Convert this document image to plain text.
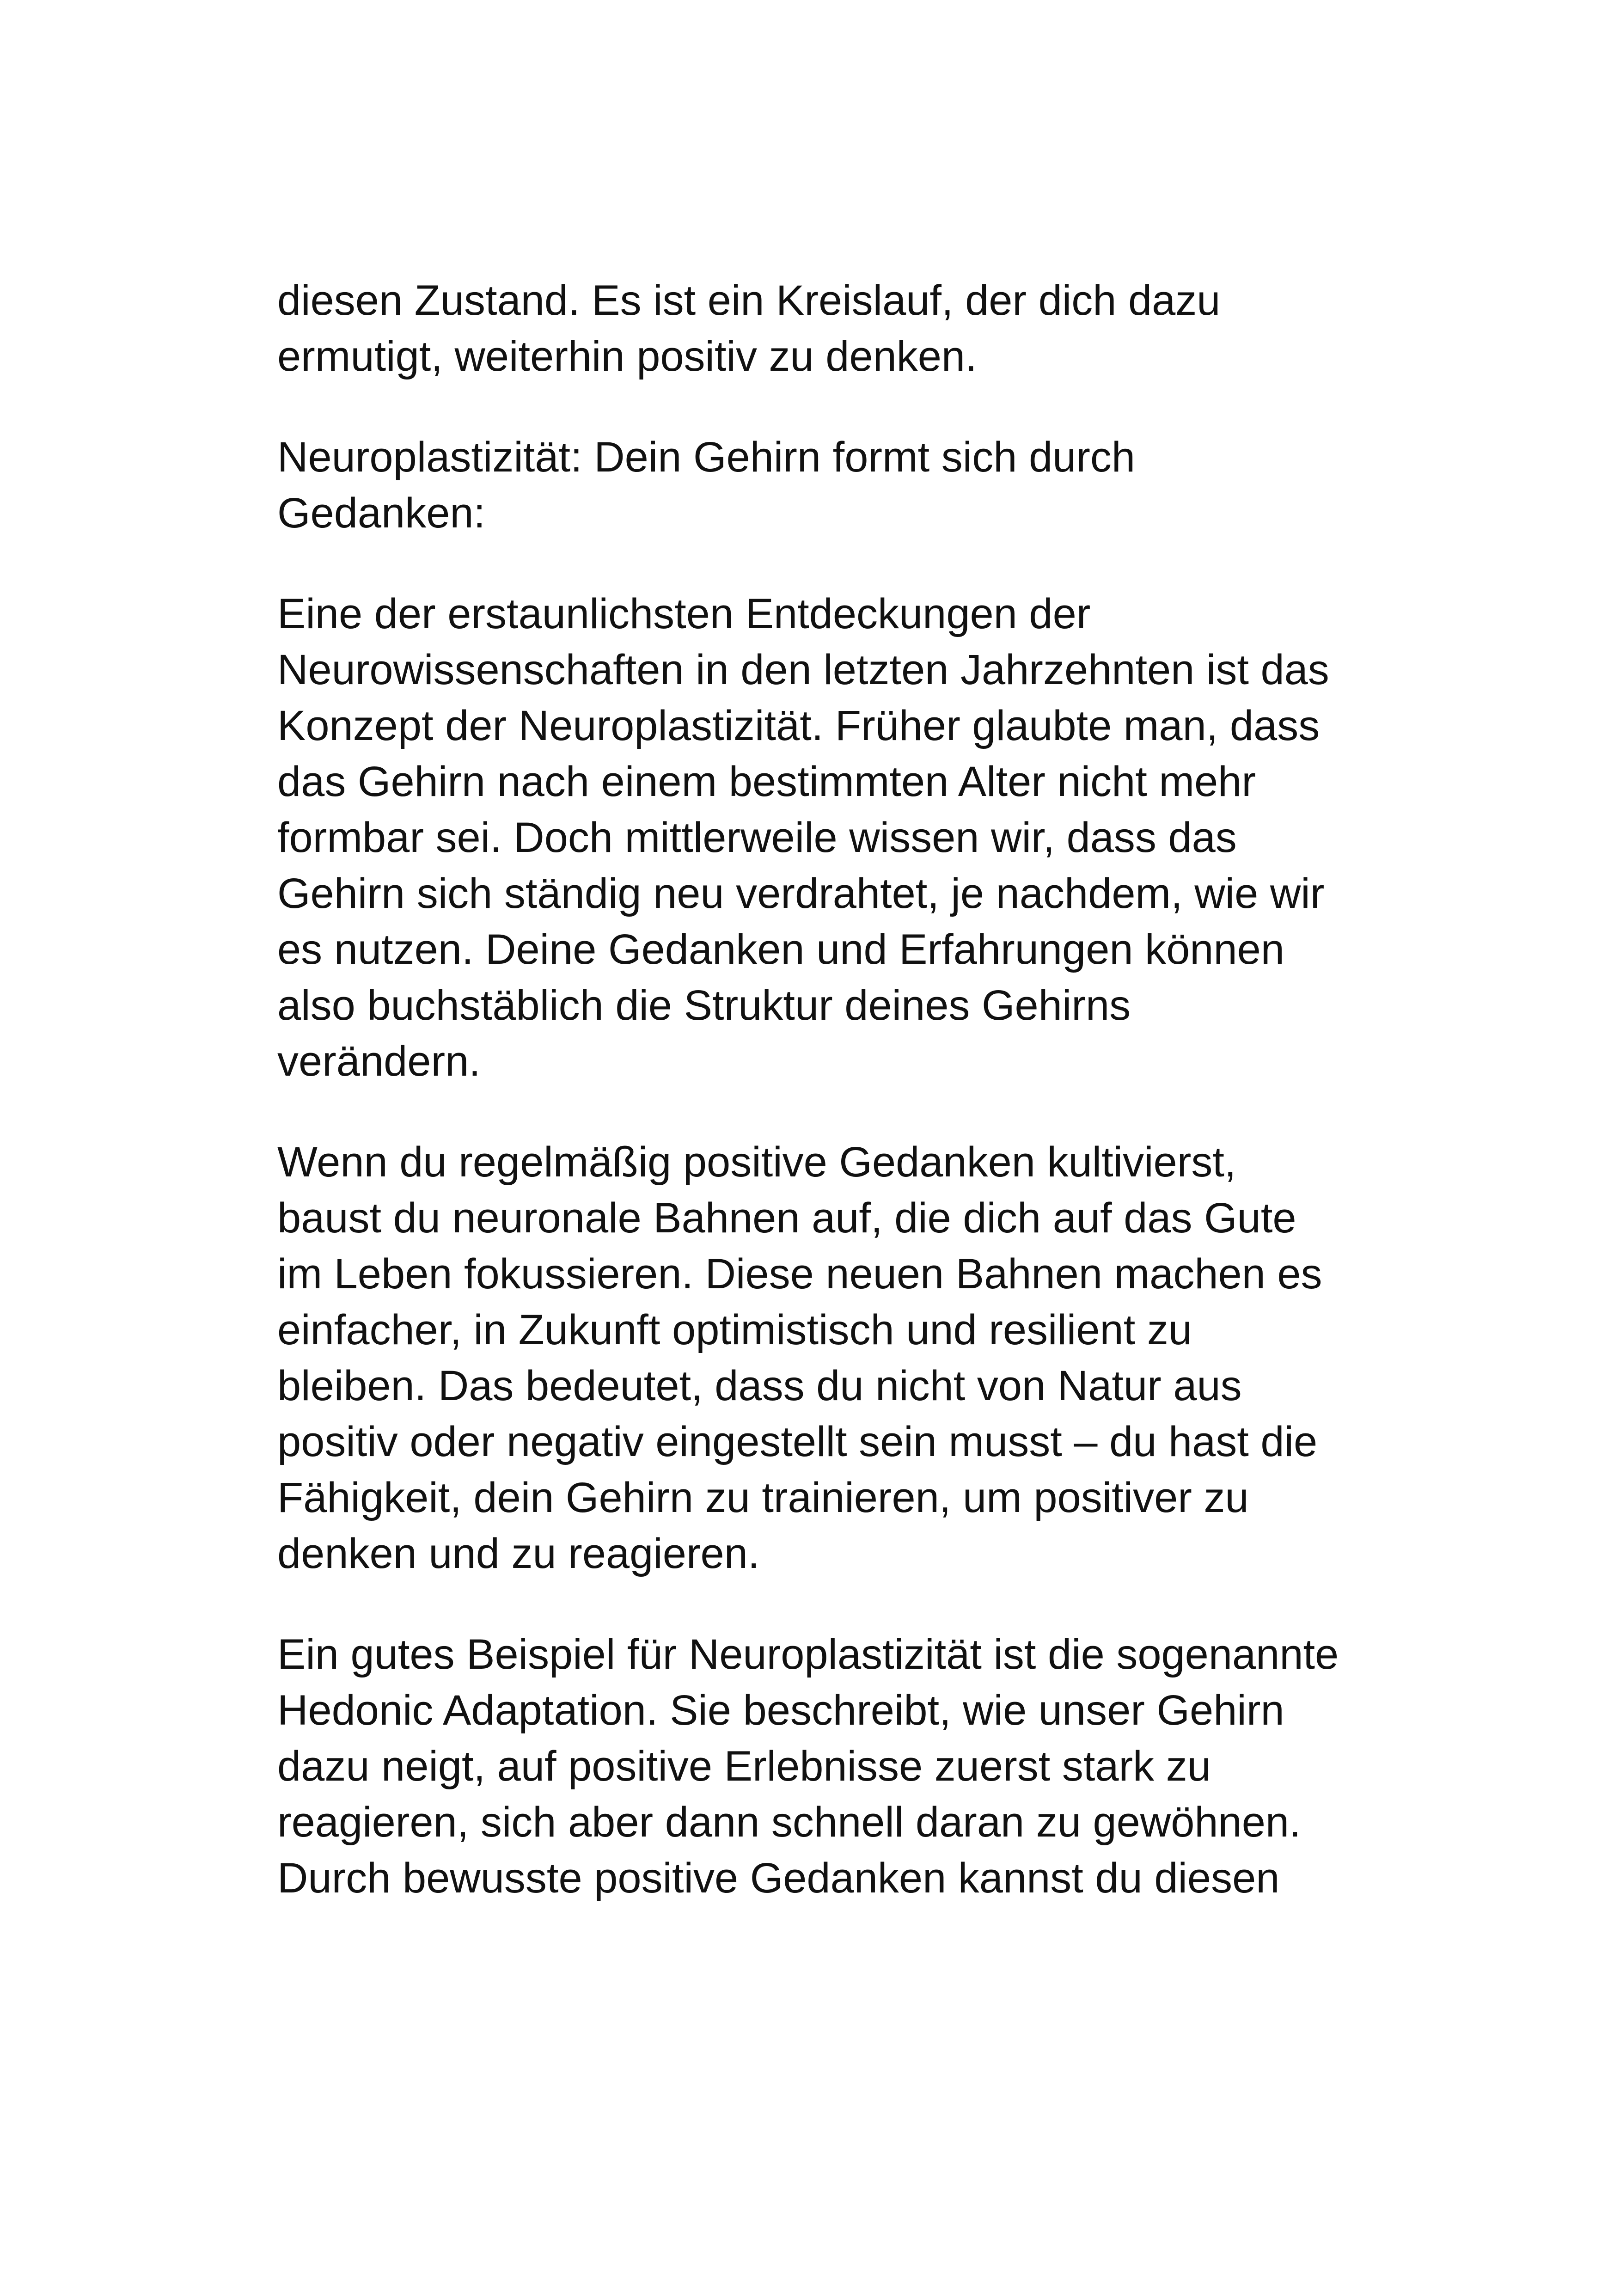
diesen Zustand. Es ist ein Kreislauf, der dich dazu
ermutigt, weiterhin positiv zu denken.

Neuroplastizität: Dein Gehirn formt sich durch
Gedanken:

Eine der erstaunlichsten Entdeckungen der
Neurowissenschaften in den letzten Jahrzehnten ist das
Konzept der Neuroplastizität. Früher glaubte man, dass
das Gehirn nach einem bestimmten Alter nicht mehr
formbar sei. Doch mittlerweile wissen wir, dass das
Gehirn sich ständig neu verdrahtet, je nachdem, wie wir
es nutzen. Deine Gedanken und Erfahrungen können
also buchstäblich die Struktur deines Gehirns
verändern.

Wenn du regelmäßig positive Gedanken kultivierst,
baust du neuronale Bahnen auf, die dich auf das Gute
im Leben fokussieren. Diese neuen Bahnen machen es
einfacher, in Zukunft optimistisch und resilient zu
bleiben. Das bedeutet, dass du nicht von Natur aus
positiv oder negativ eingestellt sein musst – du hast die
Fähigkeit, dein Gehirn zu trainieren, um positiver zu
denken und zu reagieren.

Ein gutes Beispiel für Neuroplastizität ist die sogenannte
Hedonic Adaptation. Sie beschreibt, wie unser Gehirn
dazu neigt, auf positive Erlebnisse zuerst stark zu
reagieren, sich aber dann schnell daran zu gewöhnen.
Durch bewusste positive Gedanken kannst du diesen
